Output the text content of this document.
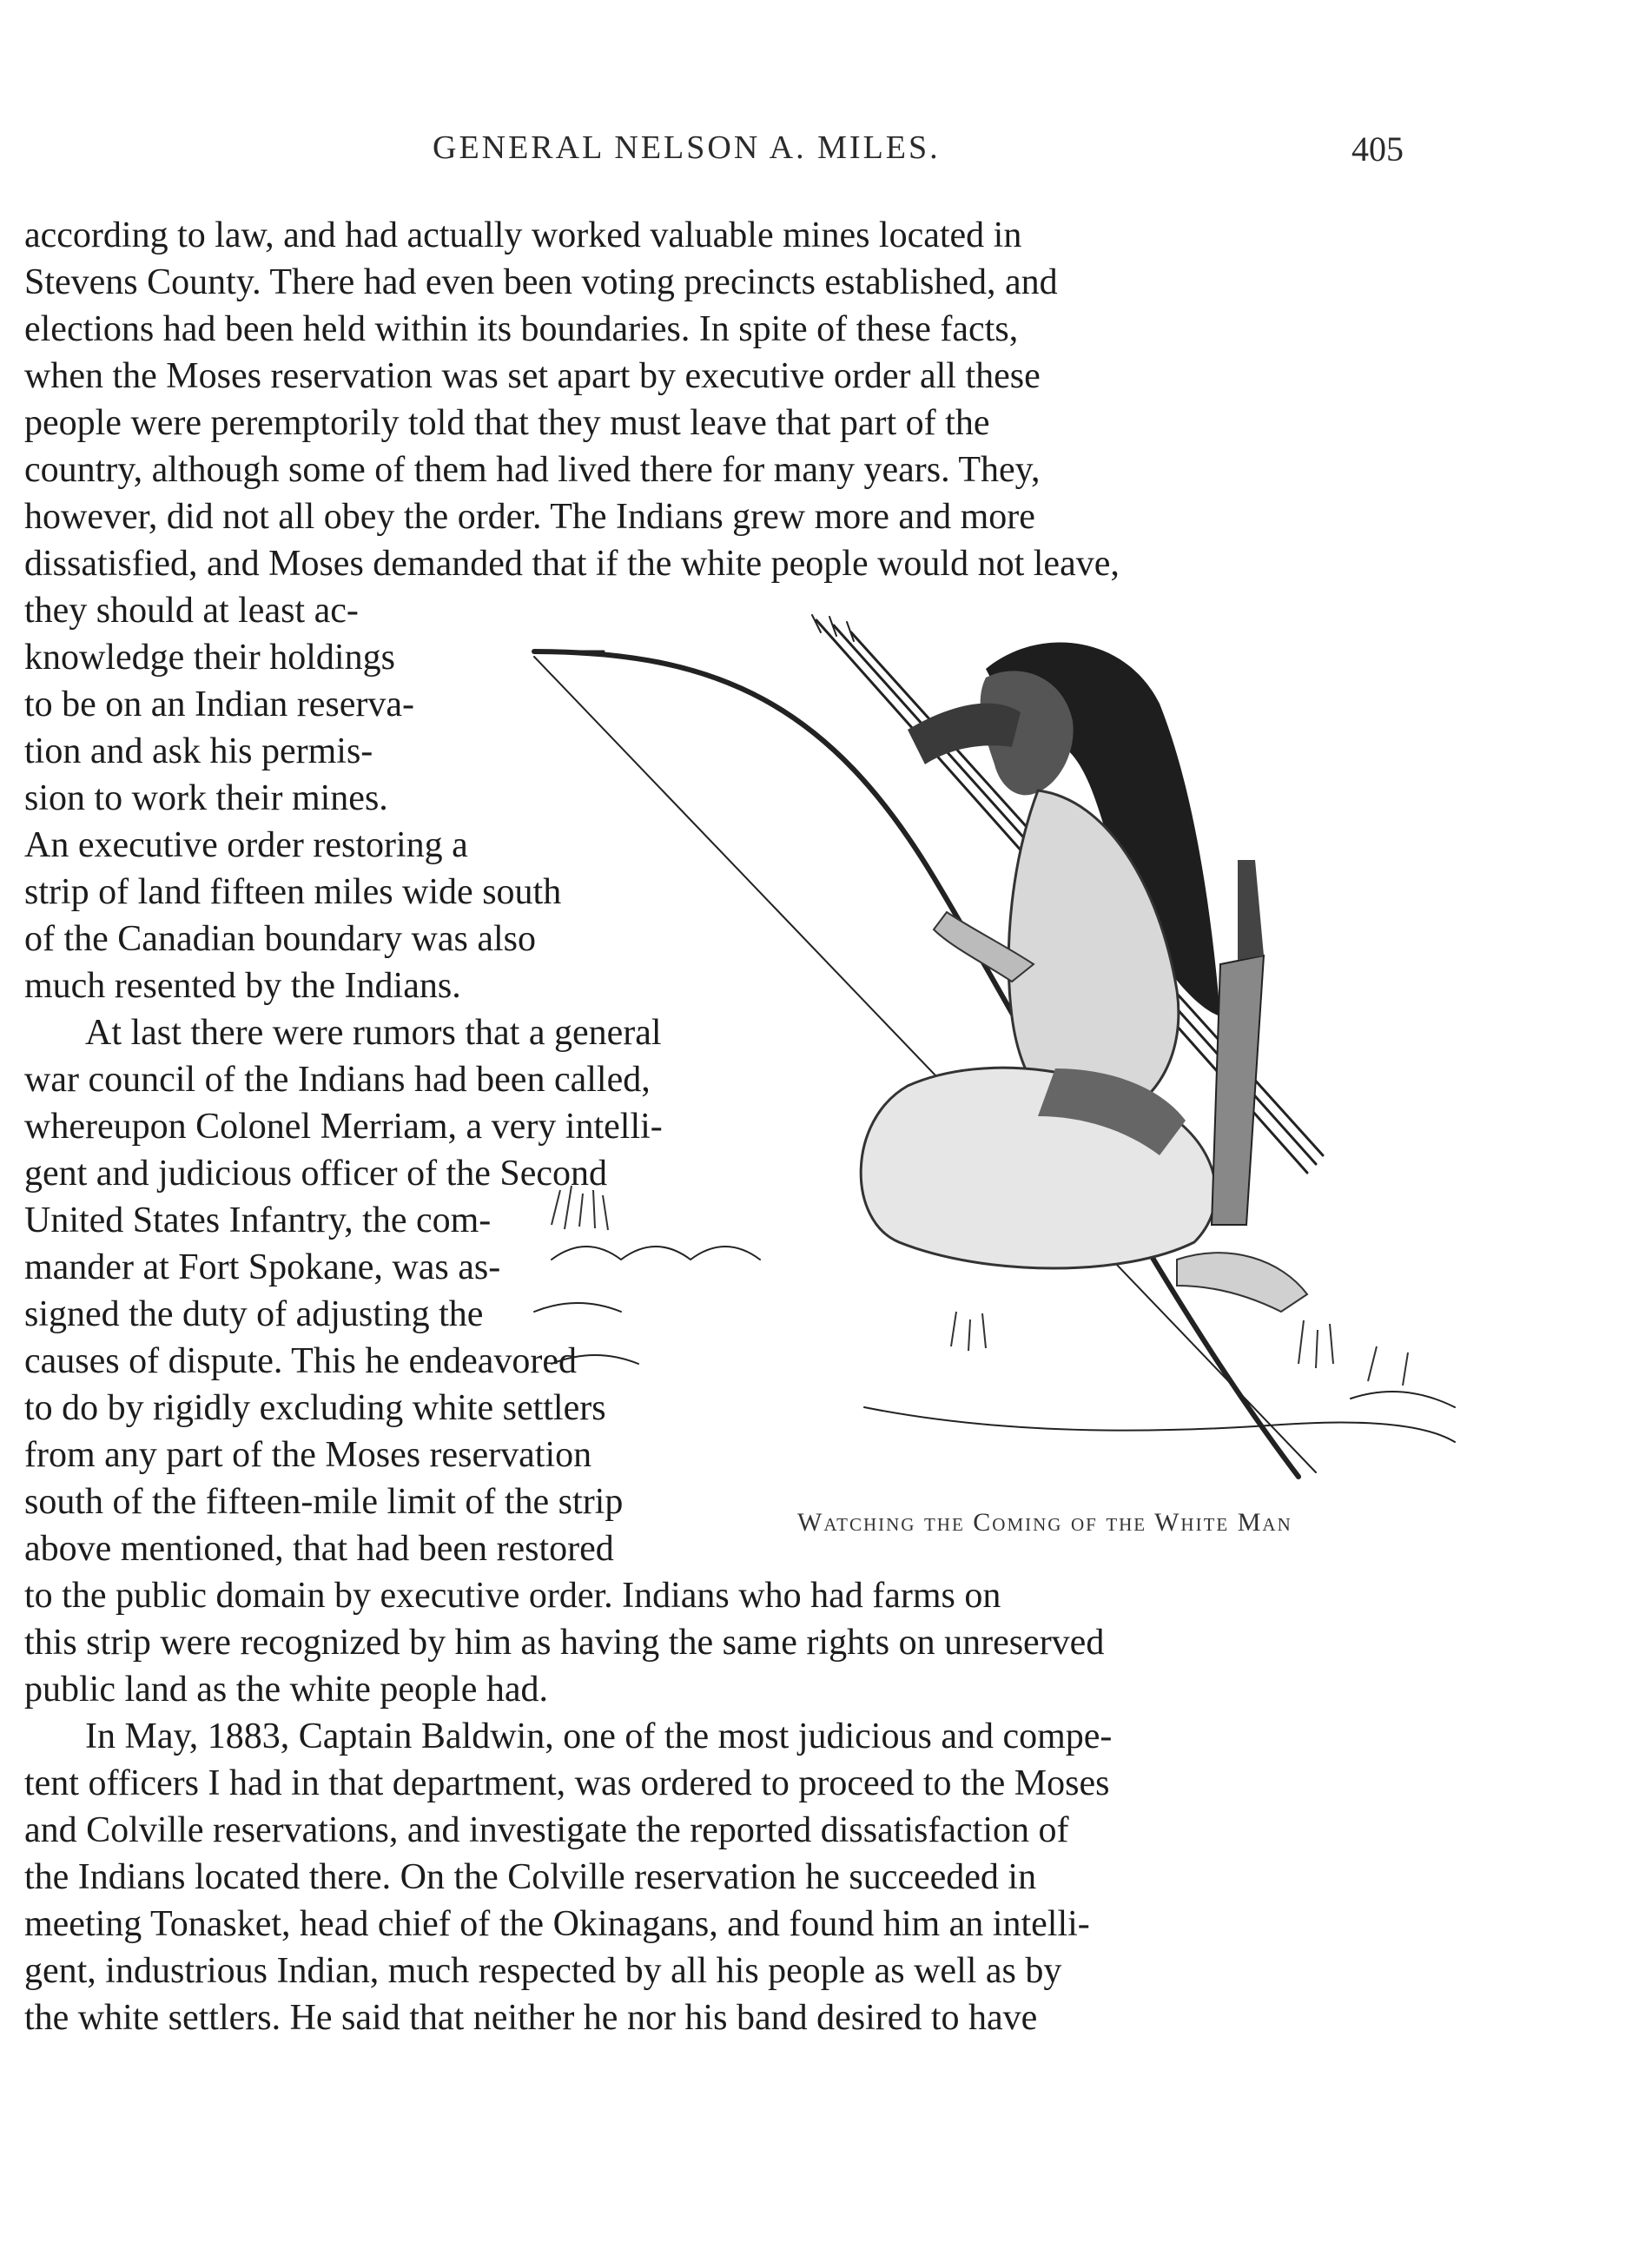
GENERAL NELSON A. MILES.	405
according to law, and had actually worked valuable mines located in
Stevens County. There had even been voting precincts established, and
elections had been held within its boundaries. In spite of these facts,
when the Moses reservation was set apart by executive order all these
people were peremptorily told that they must leave that part of the
country, although some of them had lived there for many years. They,
however, did not all obey the order. The Indians grew more and more
dissatisfied, and Moses demanded that if the white people would not leave,
they should at least ac-
knowledge their holdings
to be on an Indian reserva-
tion and ask his permis-
sion to work their mines.
An executive order restoring a
strip of land fifteen miles wide south
of the Canadian boundary was also
much resented by the Indians.
At last there were rumors that a general
war council of the Indians had been called,
whereupon Colonel Merriam, a very intelli-
gent and judicious officer of the Second
United States Infantry, the com-
mander at Fort Spokane, was as-
signed the duty of adjusting the
causes of dispute. This he endeavored
to do by rigidly excluding white settlers
from any part of the Moses reservation
south of the fifteen-mile limit of the strip
above mentioned, that had been restored
to the public domain by executive order. Indians who had farms on
this strip were recognized by him as having the same rights on unreserved
public land as the white people had.
In May, 1883, Captain Baldwin, one of the most judicious and compe-
tent officers I had in that department, was ordered to proceed to the Moses
and Colville reservations, and investigate the reported dissatisfaction of
the Indians located there. On the Colville reservation he succeeded in
meeting Tonasket, head chief of the Okinagans, and found him an intelli-
gent, industrious Indian, much respected by all his people as well as by
the white settlers. He said that neither he nor his band desired to have
Watching the Coming of the White Man
